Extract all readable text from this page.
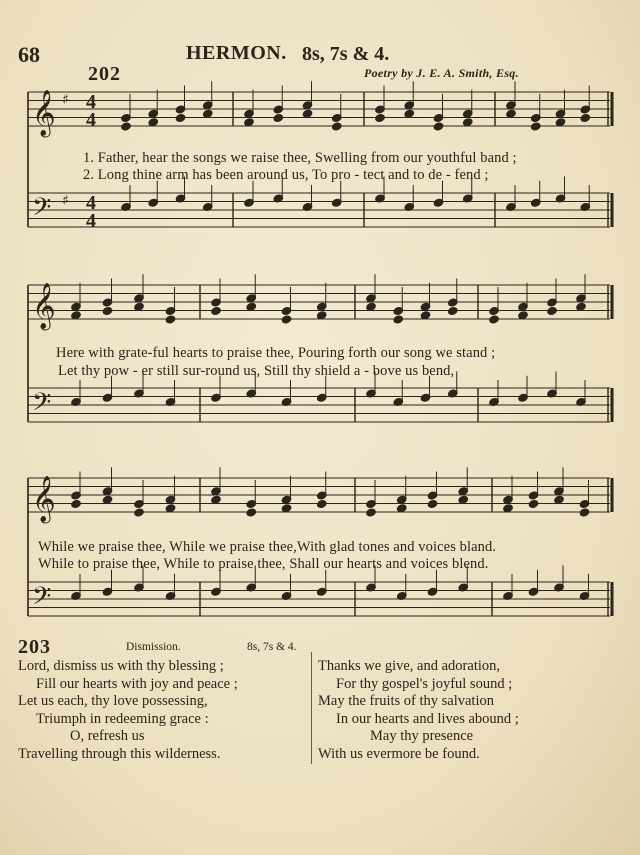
68	HERMON. 8s, 7s & 4.
202	Poetry by J. E. A. Smith, Esq.
𝄞
𝄢
𝄞
𝄢
𝄞
𝄢
♯ 4
4
♯ 4
4
1. Father, hear the songs we raise thee, Swelling from our youthful band ;
2. Long thine arm has been around us, To pro - tect and to de - fend ;
Here with grate-ful hearts to praise thee, Pouring forth our song we stand ;
Let thy pow - er still sur-round us, Still thy shield a - bove us bend,
While we praise thee, While we praise thee,With glad tones and voices bland.
While to praise thee, While to praise thee, Shall our hearts and voices blend.
203	Dismission.	8s, 7s & 4.
Lord, dismiss us with thy blessing ;
Fill our hearts with joy and peace ;
Let us each, thy love possessing,
Triumph in redeeming grace :
O, refresh us
Travelling through this wilderness.
Thanks we give, and adoration,
For thy gospel's joyful sound ;
May the fruits of thy salvation
In our hearts and lives abound ;
May thy presence
With us evermore be found.
